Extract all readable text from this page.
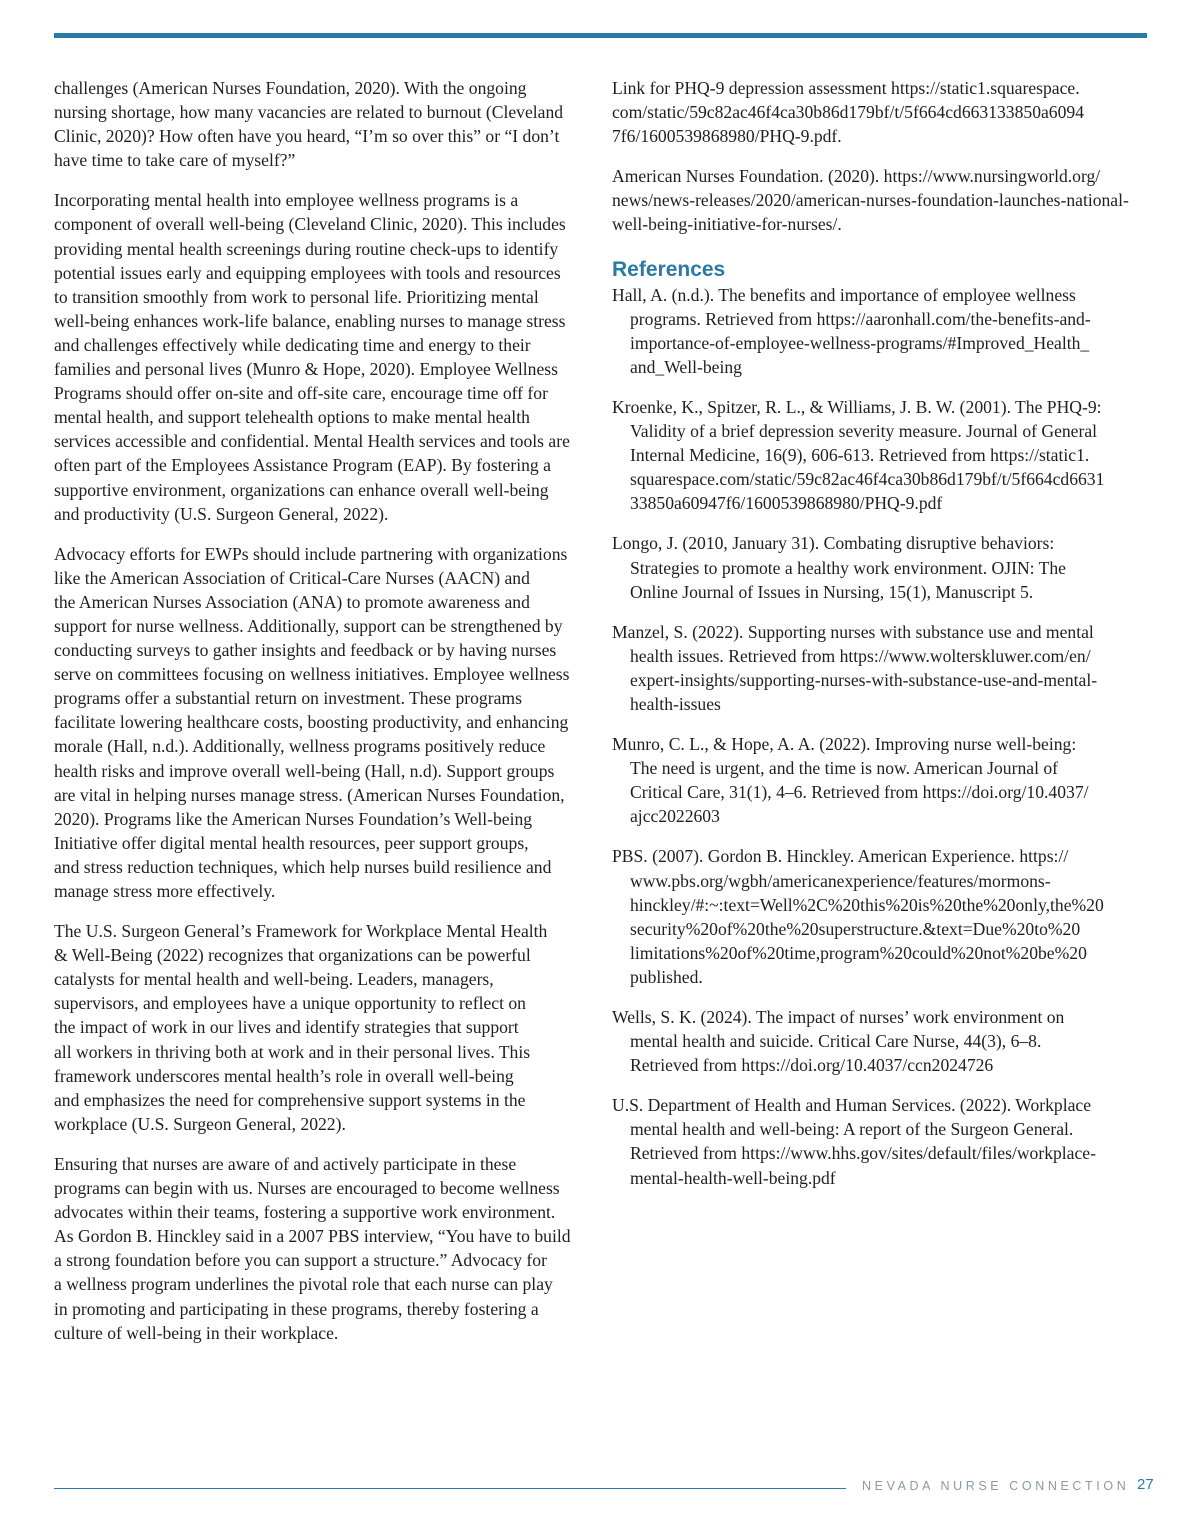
challenges (American Nurses Foundation, 2020). With the ongoing
nursing shortage, how many vacancies are related to burnout (Cleveland
Clinic, 2020)? How often have you heard, “I’m so over this” or “I don’t
have time to take care of myself?”

Incorporating mental health into employee wellness programs is a
component of overall well-being (Cleveland Clinic, 2020). This includes
providing mental health screenings during routine check-ups to identify
potential issues early and equipping employees with tools and resources
to transition smoothly from work to personal life. Prioritizing mental
well-being enhances work-life balance, enabling nurses to manage stress
and challenges effectively while dedicating time and energy to their
families and personal lives (Munro & Hope, 2020). Employee Wellness
Programs should offer on-site and off-site care, encourage time off for
mental health, and support telehealth options to make mental health
services accessible and confidential. Mental Health services and tools are
often part of the Employees Assistance Program (EAP). By fostering a
supportive environment, organizations can enhance overall well-being
and productivity (U.S. Surgeon General, 2022).

Advocacy efforts for EWPs should include partnering with organizations
like the American Association of Critical-Care Nurses (AACN) and
the American Nurses Association (ANA) to promote awareness and
support for nurse wellness. Additionally, support can be strengthened by
conducting surveys to gather insights and feedback or by having nurses
serve on committees focusing on wellness initiatives. Employee wellness
programs offer a substantial return on investment. These programs
facilitate lowering healthcare costs, boosting productivity, and enhancing
morale (Hall, n.d.). Additionally, wellness programs positively reduce
health risks and improve overall well-being (Hall, n.d). Support groups
are vital in helping nurses manage stress. (American Nurses Foundation,
2020). Programs like the American Nurses Foundation’s Well-being
Initiative offer digital mental health resources, peer support groups,
and stress reduction techniques, which help nurses build resilience and
manage stress more effectively.

The U.S. Surgeon General’s Framework for Workplace Mental Health
& Well-Being (2022) recognizes that organizations can be powerful
catalysts for mental health and well-being. Leaders, managers,
supervisors, and employees have a unique opportunity to reflect on
the impact of work in our lives and identify strategies that support
all workers in thriving both at work and in their personal lives. This
framework underscores mental health’s role in overall well-being
and emphasizes the need for comprehensive support systems in the
workplace (U.S. Surgeon General, 2022).

Ensuring that nurses are aware of and actively participate in these
programs can begin with us. Nurses are encouraged to become wellness
advocates within their teams, fostering a supportive work environment.
As Gordon B. Hinckley said in a 2007 PBS interview, “You have to build
a strong foundation before you can support a structure.” Advocacy for
a wellness program underlines the pivotal role that each nurse can play
in promoting and participating in these programs, thereby fostering a
culture of well-being in their workplace.

Link for PHQ-9 depression assessment https://static1.squarespace.
com/static/59c82ac46f4ca30b86d179bf/t/5f664cd663133850a6094
7f6/1600539868980/PHQ-9.pdf.

American Nurses Foundation. (2020). https://www.nursingworld.org/
news/news-releases/2020/american-nurses-foundation-launches-national-
well-being-initiative-for-nurses/.

References

Hall, A. (n.d.). The benefits and importance of employee wellness
programs. Retrieved from https://aaronhall.com/the-benefits-and-
importance-of-employee-wellness-programs/#Improved_Health_
and_Well-being

Kroenke, K., Spitzer, R. L., & Williams, J. B. W. (2001). The PHQ-9:
Validity of a brief depression severity measure. Journal of General
Internal Medicine, 16(9), 606-613. Retrieved from https://static1.
squarespace.com/static/59c82ac46f4ca30b86d179bf/t/5f664cd6631
33850a60947f6/1600539868980/PHQ-9.pdf

Longo, J. (2010, January 31). Combating disruptive behaviors:
Strategies to promote a healthy work environment. OJIN: The
Online Journal of Issues in Nursing, 15(1), Manuscript 5.

Manzel, S. (2022). Supporting nurses with substance use and mental
health issues. Retrieved from https://www.wolterskluwer.com/en/
expert-insights/supporting-nurses-with-substance-use-and-mental-
health-issues

Munro, C. L., & Hope, A. A. (2022). Improving nurse well-being:
The need is urgent, and the time is now. American Journal of
Critical Care, 31(1), 4–6. Retrieved from https://doi.org/10.4037/
ajcc2022603

PBS. (2007). Gordon B. Hinckley. American Experience. https://
www.pbs.org/wgbh/americanexperience/features/mormons-
hinckley/#:~:text=Well%2C%20this%20is%20the%20only,the%20
security%20of%20the%20superstructure.&text=Due%20to%20
limitations%20of%20time,program%20could%20not%20be%20
published.

Wells, S. K. (2024). The impact of nurses’ work environment on
mental health and suicide. Critical Care Nurse, 44(3), 6–8.
Retrieved from https://doi.org/10.4037/ccn2024726

U.S. Department of Health and Human Services. (2022). Workplace
mental health and well-being: A report of the Surgeon General.
Retrieved from https://www.hhs.gov/sites/default/files/workplace-
mental-health-well-being.pdf

NEVADA NURSE CONNECTION 27
